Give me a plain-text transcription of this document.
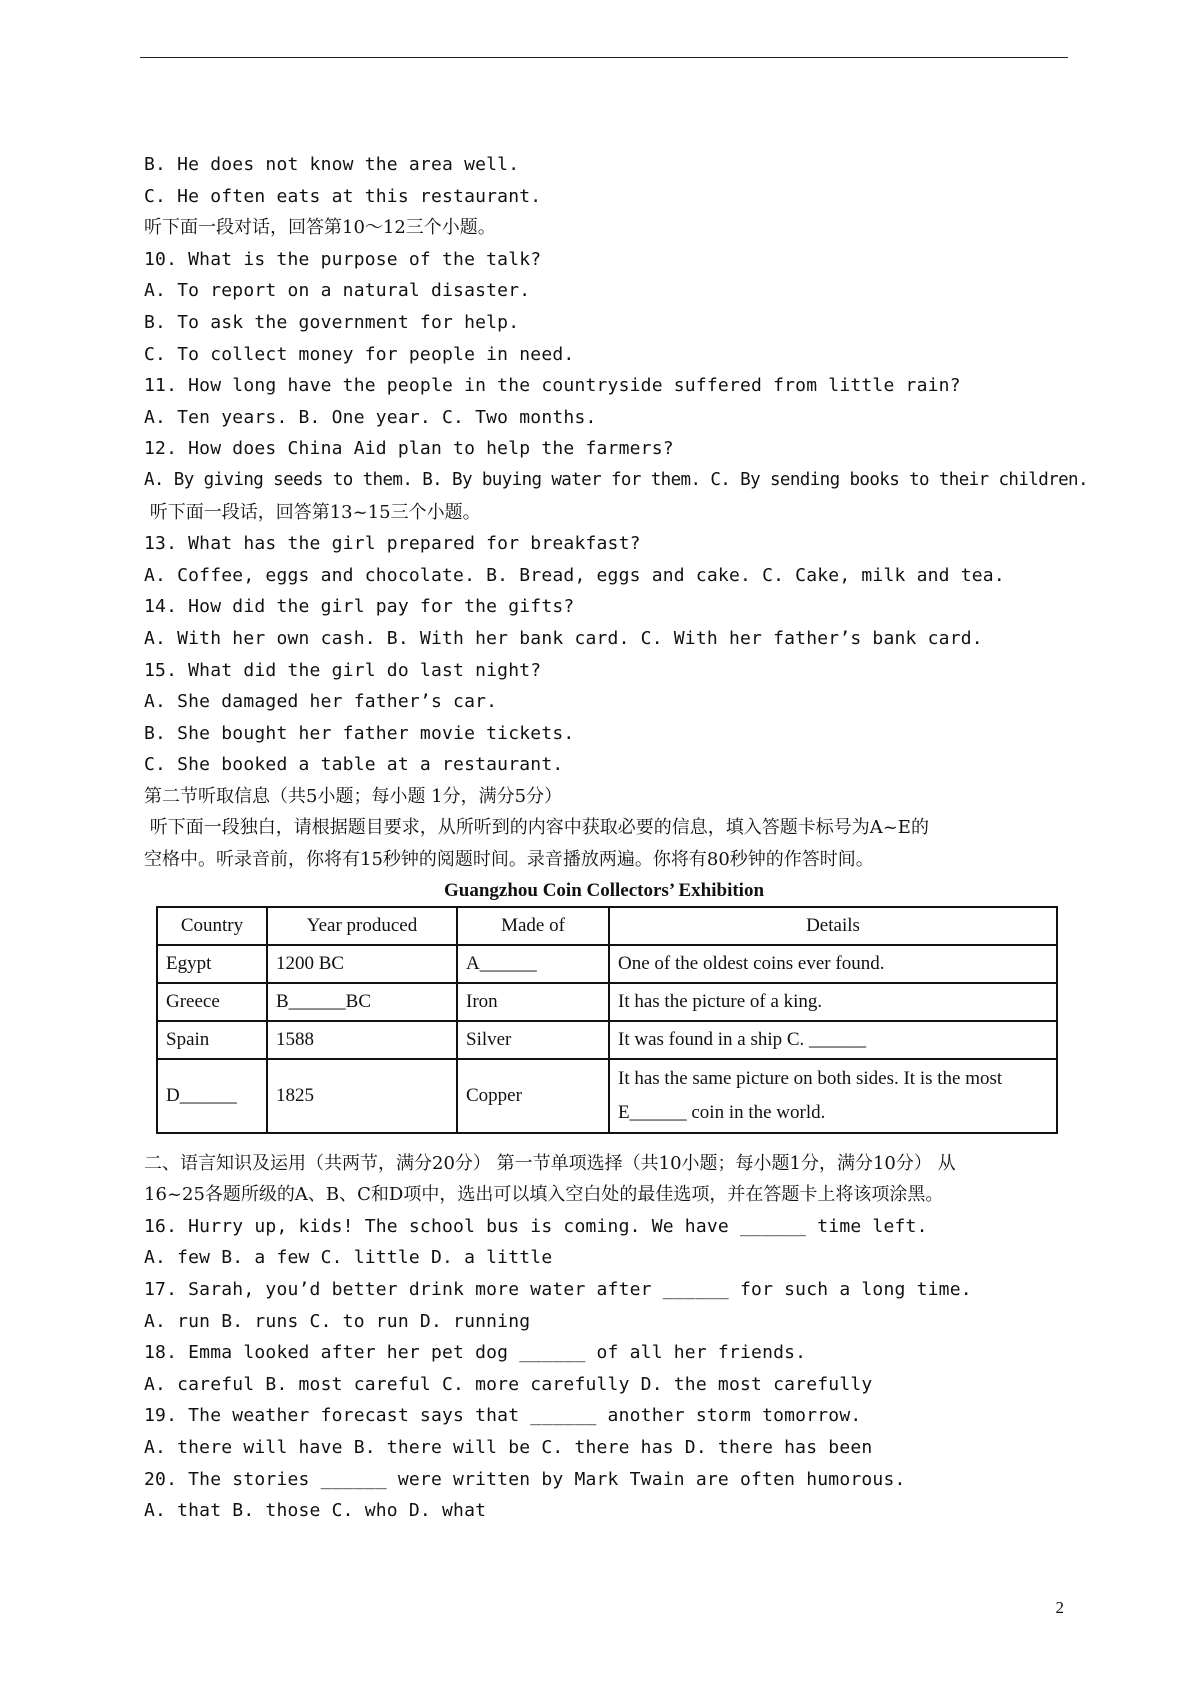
B. He does not know the area well.
C. He often eats at this restaurant.
听下面一段对话，回答第10～12三个小题。
10. What is the purpose of the talk?
A. To report on a natural disaster.
B. To ask the government for help.
C. To collect money for people in need.
11. How long have the people in the countryside suffered from little rain?
A. Ten years. B. One year. C. Two months.
12. How does China Aid plan to help the farmers?
A. By giving seeds to them. B. By buying water for them. C. By sending books to their children.
听下面一段话，回答第13~15三个小题。
13. What has the girl prepared for breakfast?
A. Coffee, eggs and chocolate. B. Bread, eggs and cake. C. Cake, milk and tea.
14. How did the girl pay for the gifts?
A. With her own cash. B. With her bank card. C. With her father’s bank card.
15. What did the girl do last night?
A. She damaged her father’s car.
B. She bought her father movie tickets.
C. She booked a table at a restaurant.
第二节听取信息（共5小题；每小题 1分，满分5分）
听下面一段独白，请根据题目要求，从所听到的内容中获取必要的信息，填入答题卡标号为A~E的
空格中。听录音前，你将有15秒钟的阅题时间。录音播放两遍。你将有80秒钟的作答时间。
Guangzhou Coin Collectors’ Exhibition
Country	Year produced	Made of	Details
Egypt	1200 BC	A______	One of the oldest coins ever found.
Greece	B______BC	Iron	It has the picture of a king.
Spain	1588	Silver	It was found in a ship C. ______
D______	1825	Copper	It has the same picture on both sides. It is the most E______ coin in the world.
二、语言知识及运用（共两节，满分20分） 第一节单项选择（共10小题；每小题1分，满分10分） 从
16~25各题所级的A、B、C和D项中，选出可以填入空白处的最佳选项，并在答题卡上将该项涂黑。
16. Hurry up, kids! The school bus is coming. We have ______ time left.
A. few B. a few C. little D. a little
17. Sarah, you’d better drink more water after ______ for such a long time.
A. run B. runs C. to run D. running
18. Emma looked after her pet dog ______ of all her friends.
A. careful B. most careful C. more carefully D. the most carefully
19. The weather forecast says that ______ another storm tomorrow.
A. there will have B. there will be C. there has D. there has been
20. The stories ______ were written by Mark Twain are often humorous.
A. that B. those C. who D. what
2
